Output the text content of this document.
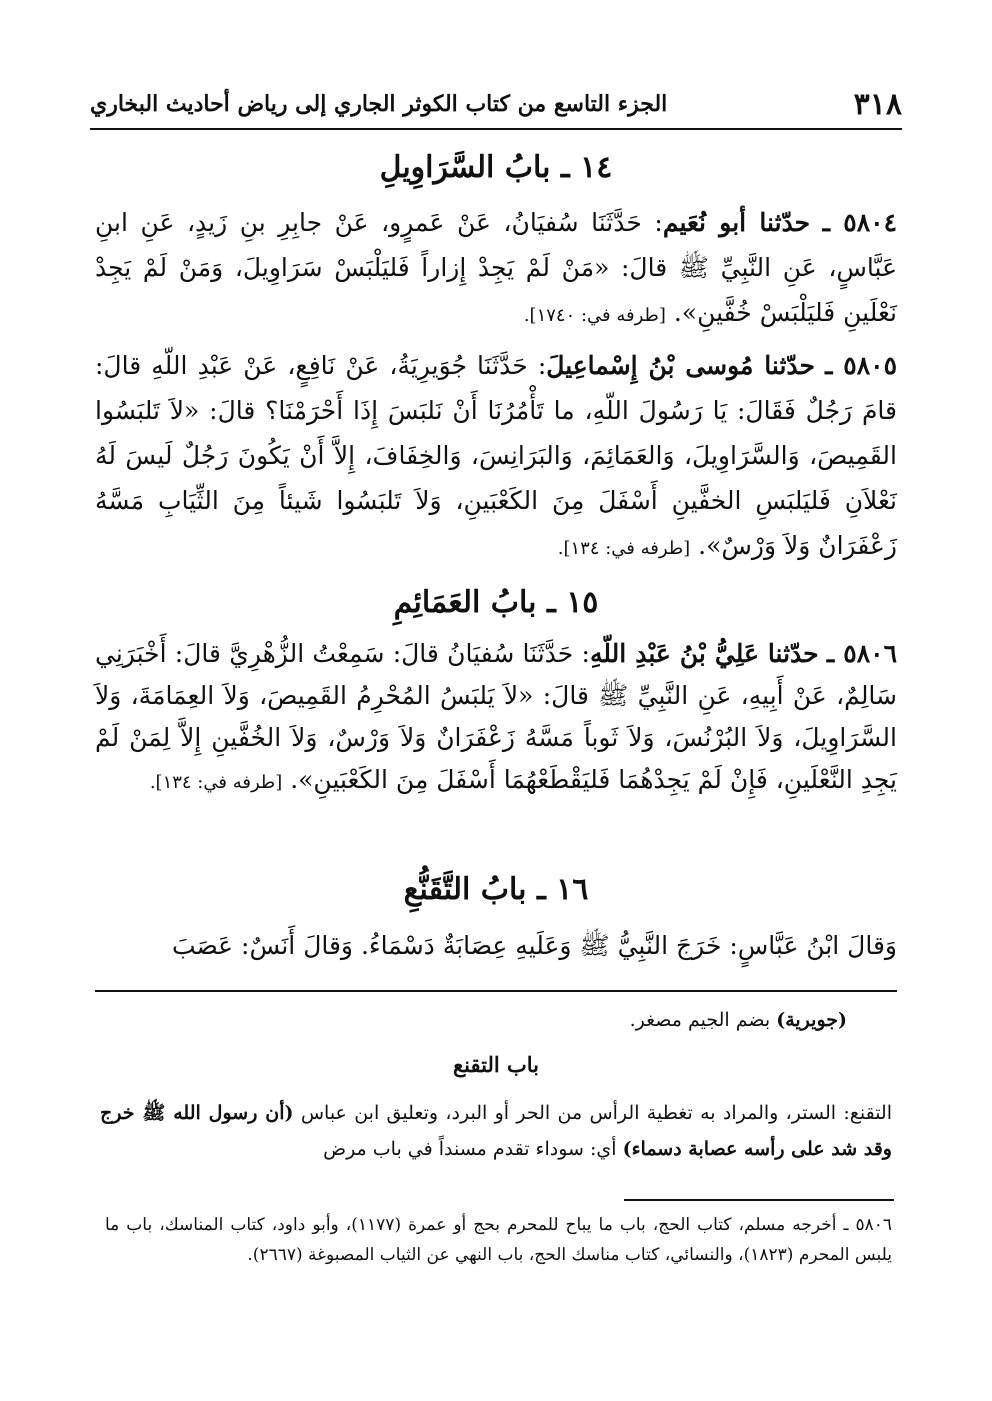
٣١٨
الجزء التاسع من كتاب الكوثر الجاري إلى رياض أحاديث البخاري
١٤ ـ بابُ السَّرَاوِيلِ
٥٨٠٤ ـ حدّثنا أبو نُعَيم: حَدَّثَنَا سُفيَانُ، عَنْ عَمرٍو، عَنْ جابِرِ بنِ زَيدٍ، عَنِ ابنِ عَبَّاسٍ، عَنِ النَّبِيِّ ﷺ قالَ: «مَنْ لَمْ يَجِدْ إِزاراً فَليَلْبَسْ سَرَاوِيلَ، وَمَنْ لَمْ يَجِدْ نَعْلَينِ فَليَلْبَسْ خُفَّينِ». [طرفه في: ١٧٤٠].
٥٨٠٥ ـ حدّثنا مُوسى بْنُ إِسْماعِيلَ: حَدَّثَنَا جُوَيرِيَةُ، عَنْ نَافِعٍ، عَنْ عَبْدِ اللّهِ قالَ: قامَ رَجُلٌ فَقَالَ: يَا رَسُولَ اللّهِ، ما تَأْمُرُنَا أَنْ نَلبَسَ إِذَا أَحْرَمْنَا؟ قالَ: «لاَ تَلبَسُوا القَمِيصَ، وَالسَّرَاوِيلَ، وَالعَمَائِمَ، وَالبَرَانِسَ، وَالخِفَافَ، إِلاَّ أَنْ يَكُونَ رَجُلٌ لَيسَ لَهُ نَعْلاَنِ فَليَلبَسِ الخفَّينِ أَسْفَلَ مِنَ الكَعْبَينِ، وَلاَ تَلبَسُوا شَيئاً مِنَ الثِّيَابِ مَسَّهُ زَعْفَرَانٌ وَلاَ وَرْسٌ». [طرفه في: ١٣٤].
١٥ ـ بابُ العَمَائِمِ
٥٨٠٦ ـ حدّثنا عَلِيُّ بْنُ عَبْدِ اللّهِ: حَدَّثَنَا سُفيَانُ قالَ: سَمِعْتُ الزُّهْرِيَّ قالَ: أَخْبَرَنِي سَالِمٌ، عَنْ أَبِيهِ، عَنِ النَّبِيِّ ﷺ قالَ: «لاَ يَلبَسُ المُحْرِمُ القَمِيصَ، وَلاَ العِمَامَةَ، وَلاَ السَّرَاوِيلَ، وَلاَ البُرْنُسَ، وَلاَ ثَوباً مَسَّهُ زَعْفَرَانٌ وَلاَ وَرْسٌ، وَلاَ الخُفَّينِ إِلاَّ لِمَنْ لَمْ يَجِدِ النَّعْلَينِ، فَإِنْ لَمْ يَجِدْهُمَا فَليَقْطَعْهُمَا أَسْفَلَ مِنَ الكَعْبَينِ». [طرفه في: ١٣٤].
١٦ ـ بابُ التَّقَنُّعِ
وَقالَ ابْنُ عَبَّاسٍ: خَرَجَ النَّبِيُّ ﷺ وَعَلَيهِ عِصَابَةٌ دَسْمَاءُ. وَقالَ أَنَسٌ: عَصَبَ
(جويرية) بضم الجيم مصغر.
باب التقنع
التقنع: الستر، والمراد به تغطية الرأس من الحر أو البرد، وتعليق ابن عباس (أن رسول الله ﷺ خرج وقد شد على رأسه عصابة دسماء) أي: سوداء تقدم مسنداً في باب مرض
٥٨٠٦ ـ أخرجه مسلم، كتاب الحج، باب ما يباح للمحرم بحج أو عمرة (١١٧٧)، وأبو داود، كتاب المناسك، باب ما يلبس المحرم (١٨٢٣)، والنسائي، كتاب مناسك الحج، باب النهي عن الثياب المصبوغة (٢٦٦٧).
